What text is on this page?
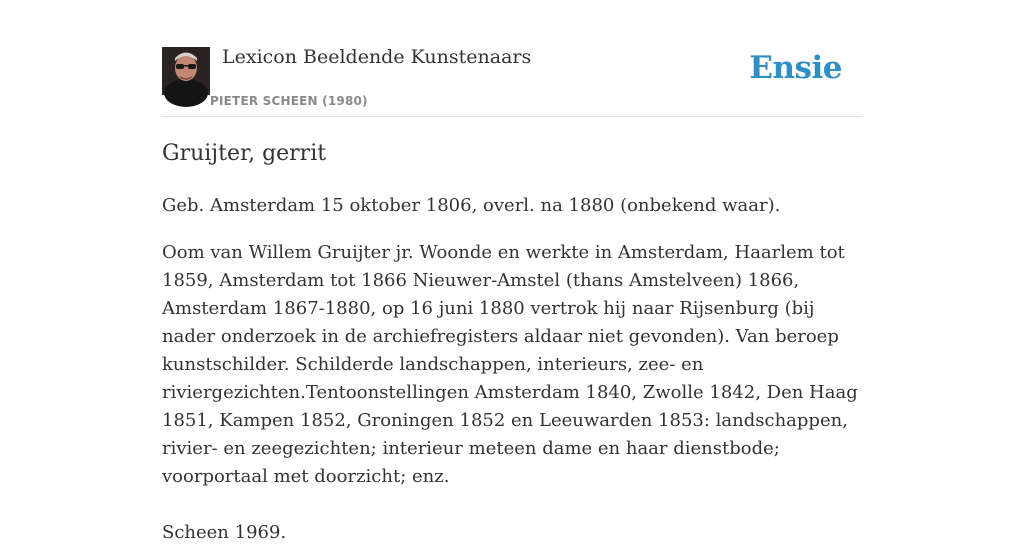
Lexicon Beeldende Kunstenaars
PIETER SCHEEN (1980)
Ensie
Gruijter, gerrit

Geb. Amsterdam 15 oktober 1806, overl. na 1880 (onbekend waar).

Oom van Willem Gruijter jr. Woonde en werkte in Amsterdam, Haarlem tot 1859, Amsterdam tot 1866 Nieuwer-Amstel (thans Amstelveen) 1866, Amsterdam 1867-1880, op 16 juni 1880 vertrok hij naar Rijsenburg (bij nader onderzoek in de archiefregisters aldaar niet gevonden). Van beroep kunstschilder. Schilderde landschappen, interieurs, zee- en riviergezichten.Tentoonstellingen Amsterdam 1840, Zwolle 1842, Den Haag 1851, Kampen 1852, Groningen 1852 en Leeuwarden 1853: landschappen, rivier- en zeegezichten; interieur meteen dame en haar dienstbode; voorportaal met doorzicht; enz.

Scheen 1969.
